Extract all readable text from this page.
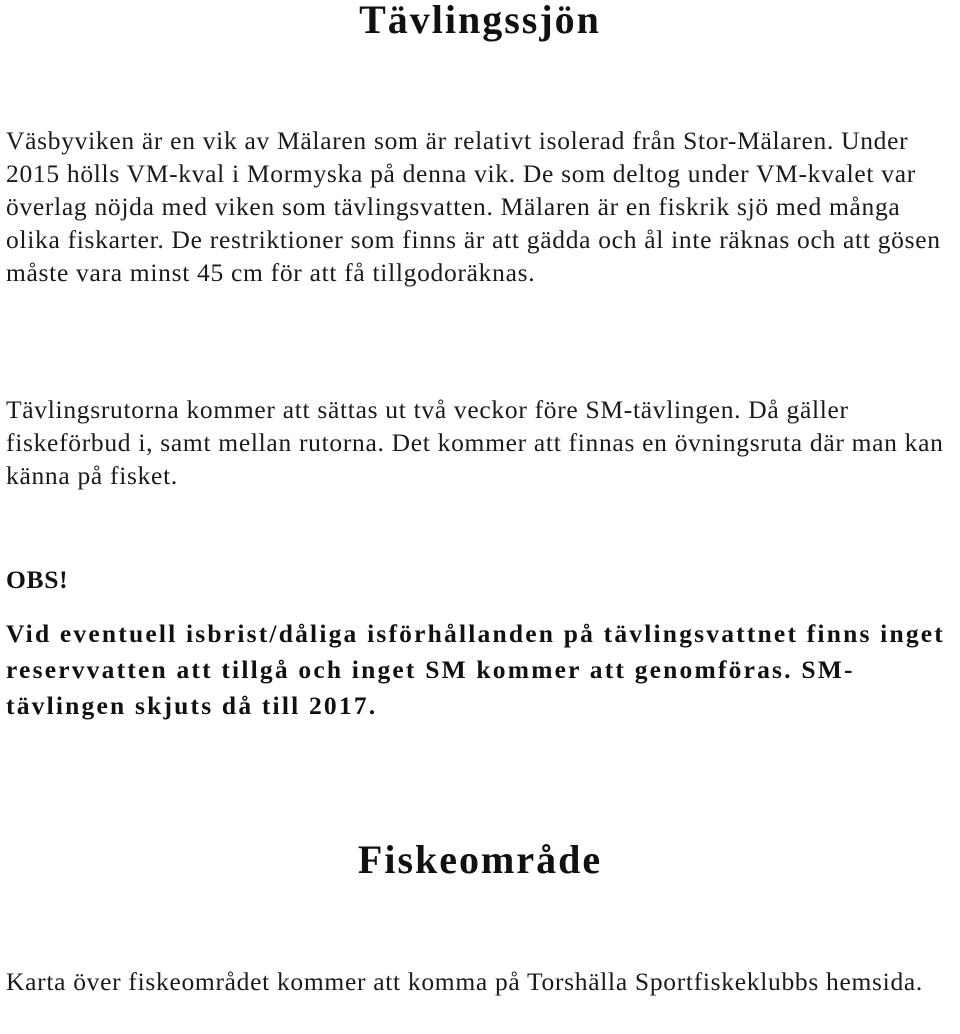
Tävlingssjön

Väsbyviken är en vik av Mälaren som är relativt isolerad från Stor-Mälaren. Under 2015 hölls VM-kval i Mormyska på denna vik. De som deltog under VM-kvalet var överlag nöjda med viken som tävlingsvatten. Mälaren är en fiskrik sjö med många olika fiskarter. De restriktioner som finns är att gädda och ål inte räknas och att gösen måste vara minst 45 cm för att få tillgodoräknas.

Tävlingsrutorna kommer att sättas ut två veckor före SM-tävlingen. Då gäller fiskeförbud i, samt mellan rutorna. Det kommer att finnas en övningsruta där man kan känna på fisket.

OBS!

Vid eventuell isbrist/dåliga isförhållanden på tävlingsvattnet finns inget reservvatten att tillgå och inget SM kommer att genomföras. SM-tävlingen skjuts då till 2017.

Fiskeområde

Karta över fiskeområdet kommer att komma på Torshälla Sportfiskeklubbs hemsida.
